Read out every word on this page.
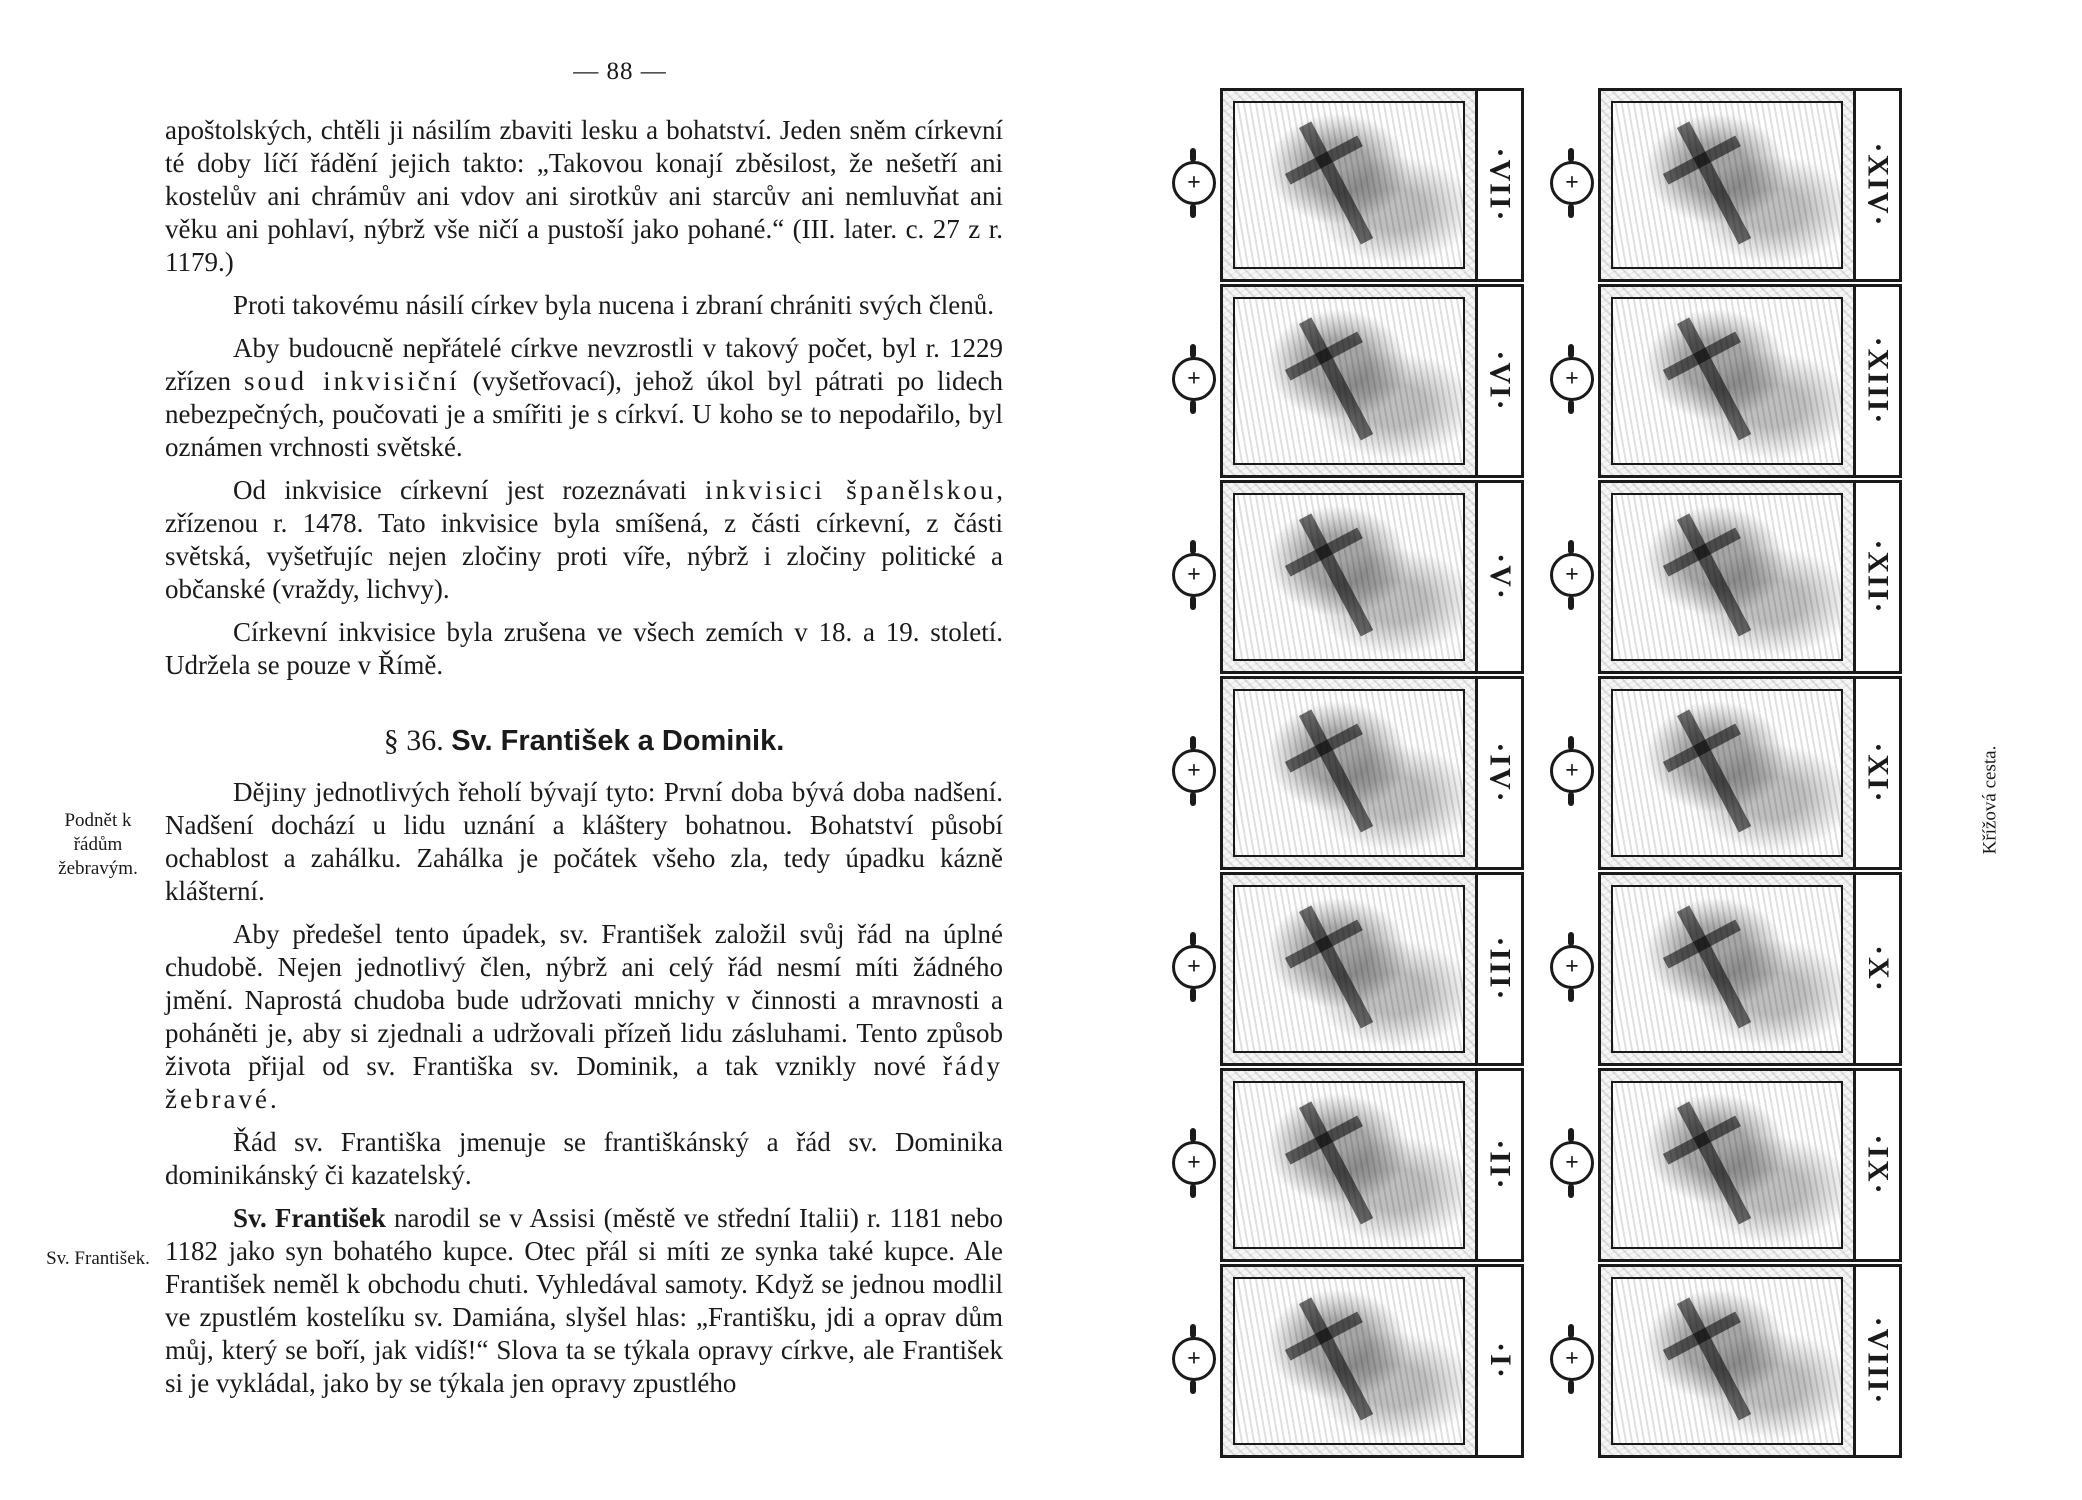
— 88 —
Podnět k řádům žebravým.
Sv. František.

apoštolských, chtěli ji násilím zbaviti lesku a bohatství. Jeden sněm církevní té doby líčí řádění jejich takto: „Takovou konají zběsilost, že nešetří ani kostelův ani chrámův ani vdov ani sirotkův ani starcův ani nemluvňat ani věku ani pohlaví, nýbrž vše ničí a pustoší jako pohané.“ (III. later. c. 27 z r. 1179.)

Proti takovému násilí církev byla nucena i zbraní chrániti svých členů.

Aby budoucně nepřátelé církve nevzrostli v takový počet, byl r. 1229 zřízen soud inkvisiční (vyšetřovací), jehož úkol byl pátrati po lidech nebezpečných, poučovati je a smířiti je s církví. U koho se to nepodařilo, byl oznámen vrchnosti světské.

Od inkvisice církevní jest rozeznávati inkvisici španělskou, zřízenou r. 1478. Tato inkvisice byla smíšená, z části církevní, z části světská, vyšetřujíc nejen zločiny proti víře, nýbrž i zločiny politické a občanské (vraždy, lichvy).

Církevní inkvisice byla zrušena ve všech zemích v 18. a 19. století. Udržela se pouze v Římě.

§ 36. Sv. František a Dominik.

Dějiny jednotlivých řeholí bývají tyto: První doba bývá doba nadšení. Nadšení dochází u lidu uznání a kláštery bohatnou. Bohatství působí ochablost a zahálku. Zahálka je počátek všeho zla, tedy úpadku kázně klášterní.

Aby předešel tento úpadek, sv. František založil svůj řád na úplné chudobě. Nejen jednotlivý člen, nýbrž ani celý řád nesmí míti žádného jmění. Naprostá chudoba bude udržovati mnichy v činnosti a mravnosti a poháněti je, aby si zjednali a udržovali přízeň lidu zásluhami. Tento způsob života přijal od sv. Františka sv. Dominik, a tak vznikly nové řády žebravé.

Řád sv. Františka jmenuje se františkánský a řád sv. Dominika dominikánský či kazatelský.

Sv. František narodil se v Assisi (městě ve střední Italii) r. 1181 nebo 1182 jako syn bohatého kupce. Otec přál si míti ze synka také kupce. Ale František neměl k obchodu chuti. Vyhledával samoty. Když se jednou modlil ve zpustlém kostelíku sv. Damiána, slyšel hlas: „Františku, jdi a oprav dům můj, který se boří, jak vidíš!“ Slova ta se týkala opravy církve, ale František si je vykládal, jako by se týkala jen opravy zpustlého

+	·VII·
+	·VI·
+	·V·
+	·IV·
+	·III·
+	·II·
+	·I·
+	·XIV·
+	·XIII·
+	·XII·
+	·XI·
+	·X·
+	·IX·
+	·VIII·
Křížová cesta.
